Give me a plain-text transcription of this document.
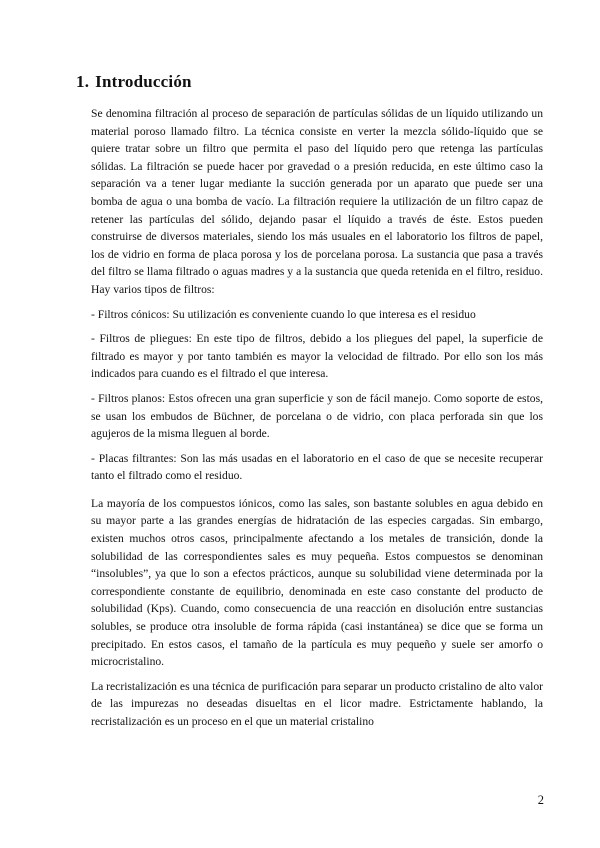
1. Introducción

Se denomina filtración al proceso de separación de partículas sólidas de un líquido utilizando un material poroso llamado filtro. La técnica consiste en verter la mezcla sólido-líquido que se quiere tratar sobre un filtro que permita el paso del líquido pero que retenga las partículas sólidas. La filtración se puede hacer por gravedad o a presión reducida, en este último caso la separación va a tener lugar mediante la succión generada por un aparato que puede ser una bomba de agua o una bomba de vacío. La filtración requiere la utilización de un filtro capaz de retener las partículas del sólido, dejando pasar el líquido a través de éste. Estos pueden construirse de diversos materiales, siendo los más usuales en el laboratorio los filtros de papel, los de vidrio en forma de placa porosa y los de porcelana porosa. La sustancia que pasa a través del filtro se llama filtrado o aguas madres y a la sustancia que queda retenida en el filtro, residuo. Hay varios tipos de filtros:

- Filtros cónicos: Su utilización es conveniente cuando lo que interesa es el residuo

- Filtros de pliegues: En este tipo de filtros, debido a los pliegues del papel, la superficie de filtrado es mayor y por tanto también es mayor la velocidad de filtrado. Por ello son los más indicados para cuando es el filtrado el que interesa.

- Filtros planos: Estos ofrecen una gran superficie y son de fácil manejo. Como soporte de estos, se usan los embudos de Büchner, de porcelana o de vidrio, con placa perforada sin que los agujeros de la misma lleguen al borde.

- Placas filtrantes: Son las más usadas en el laboratorio en el caso de que se necesite recuperar tanto el filtrado como el residuo.

La mayoría de los compuestos iónicos, como las sales, son bastante solubles en agua debido en su mayor parte a las grandes energías de hidratación de las especies cargadas. Sin embargo, existen muchos otros casos, principalmente afectando a los metales de transición, donde la solubilidad de las correspondientes sales es muy pequeña. Estos compuestos se denominan “insolubles”, ya que lo son a efectos prácticos, aunque su solubilidad viene determinada por la correspondiente constante de equilibrio, denominada en este caso constante del producto de solubilidad (Kps). Cuando, como consecuencia de una reacción en disolución entre sustancias solubles, se produce otra insoluble de forma rápida (casi instantánea) se dice que se forma un precipitado. En estos casos, el tamaño de la partícula es muy pequeño y suele ser amorfo o microcristalino.

La recristalización es una técnica de purificación para separar un producto cristalino de alto valor de las impurezas no deseadas disueltas en el licor madre. Estrictamente hablando, la recristalización es un proceso en el que un material cristalino

2
